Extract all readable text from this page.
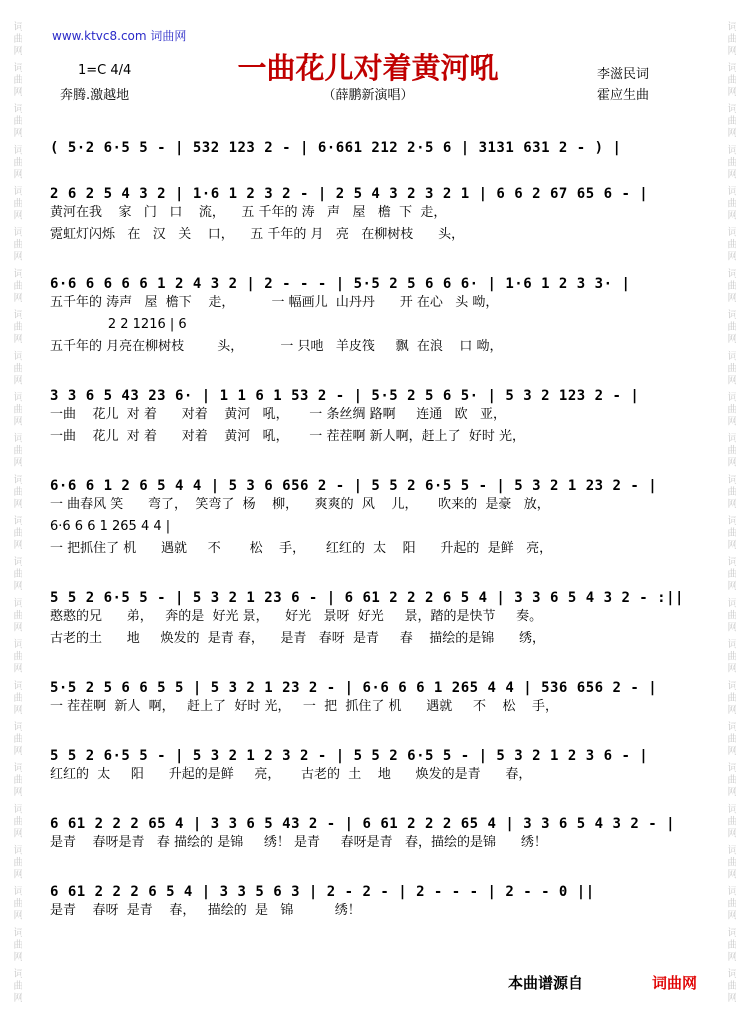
词曲网 词曲网 词曲网 词曲网 词曲网 词曲网 词曲网 词曲网 词曲网 词曲网 词曲网 词曲网 词曲网 词曲网 词曲网 词曲网 词曲网 词曲网 词曲网 词曲网 词曲网 词曲网 词曲网 词曲网
词曲网 词曲网 词曲网 词曲网 词曲网 词曲网 词曲网 词曲网 词曲网 词曲网 词曲网 词曲网 词曲网 词曲网 词曲网 词曲网 词曲网 词曲网 词曲网 词曲网 词曲网 词曲网 词曲网 词曲网
www.ktvc8.com 词曲网
一曲花儿对着黄河吼
1=C 4/4
奔腾.激越地	（薛鹏新演唱）
李滋民词
霍应生曲
( 5·2 6·5 5 - | 532 123 2 - | 6·661 212 2·5 6 | 3131 631 2 - ) |
2 6 2 5 4 3 2 | 1·6 1 2 3 2 - | 2 5 4 3 2 3 2 1 | 6 6 2 67 65 6 - |
黄河在我    家   门   口    流，    五 千年的 涛   声   屋   檐  下  走，
霓虹灯闪烁   在   汉   关    口，    五 千年的 月   亮   在柳树枝      头，
6·6 6 6 6 6 1 2 4 3 2 | 2 - - - | 5·5 2 5 6 6 6· | 1·6 1 2 3 3· |
五千年的 涛声   屋  檐下    走，         一 幅画儿  山丹丹      开 在心   头 呦，
2 2 1216 | 6
五千年的 月亮在柳树枝        头，         一 只吔   羊皮筏     飘  在浪    口 呦，
3 3 6 5 43 23 6· | 1 1 6 1 53 2 - | 5·5 2 5 6 5· | 5 3 2 123 2 - |
一曲    花儿  对 着      对着    黄河   吼，     一 条丝绸 路啊     连通   欧   亚，
一曲    花儿  对 着      对着    黄河   吼，     一 茬茬啊 新人啊，赶上了  好时 光，
6·6 6 1 2 6 5 4 4 | 5 3 6 656 2 - | 5 5 2 6·5 5 - | 5 3 2 1 23 2 - |
一 曲春风 笑      弯了，  笑弯了  杨    柳，    爽爽的  风    儿，     吹来的  是豪   放，
6·6 6 6 1 265 4 4 |
一 把抓住了 机      遇就     不       松    手，     红红的  太    阳      升起的  是鲜   亮，
5 5 2 6·5 5 - | 5 3 2 1 23 6 - | 6 61 2 2 2 6 5 4 | 3 3 6 5 4 3 2 - :||
憨憨的兄      弟，   奔的是  好光 景，    好光   景呀  好光     景，踏的是快节     奏。
古老的土      地     焕发的  是青 春，    是青   春呀  是青     春    描绘的是锦      绣，
5·5 2 5 6 6 5 5 | 5 3 2 1 23 2 - | 6·6 6 6 1 265 4 4 | 536 656 2 - |
一 茬茬啊  新人  啊，   赶上了  好时 光，   一  把  抓住了 机      遇就     不    松    手，
5 5 2 6·5 5 - | 5 3 2 1 2 3 2 - | 5 5 2 6·5 5 - | 5 3 2 1 2 3 6 - |
红红的  太     阳      升起的是鲜     亮，     古老的  土    地      焕发的是青      春，
6 61 2 2 2 65 4 | 3 3 6 5 43 2 - | 6 61 2 2 2 65 4 | 3 3 6 5 4 3 2 - |
是青    春呀是青   春 描绘的 是锦     绣！ 是青     春呀是青   春，描绘的是锦      绣！
6 61 2 2 2 6 5 4 | 3 3 5 6 3 | 2 - 2 - | 2 - - - | 2 - - 0 ||
是青    春呀  是青    春，   描绘的  是   锦          绣！
本曲谱源自	词曲网
